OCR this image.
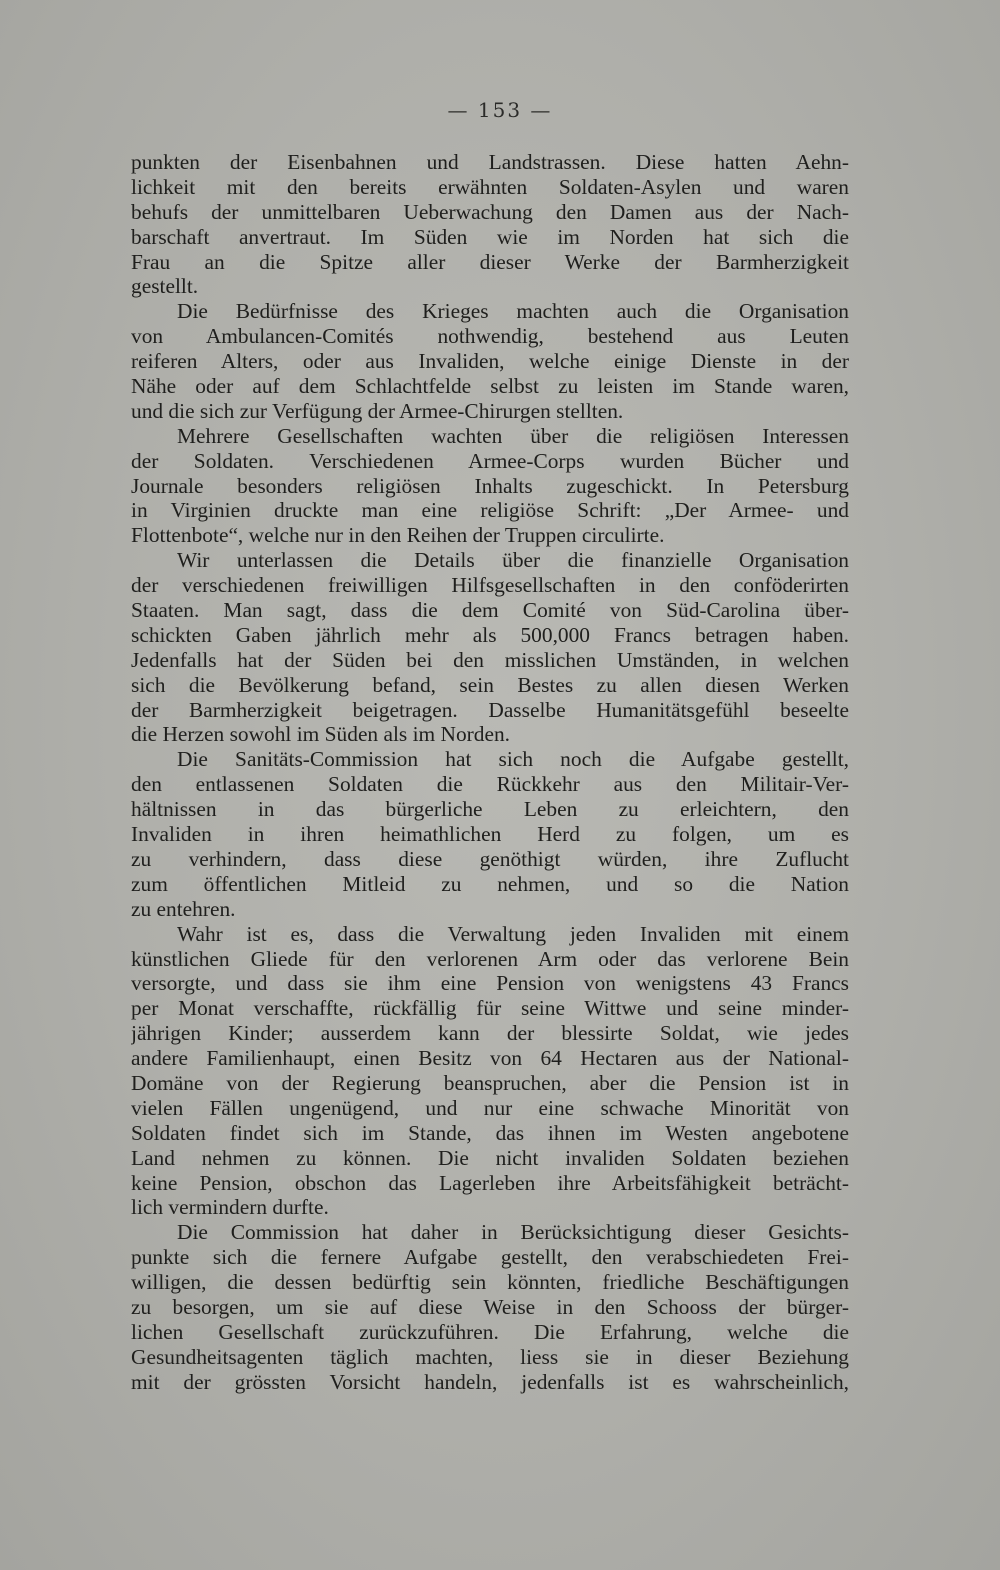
— 153 —
punkten der Eisenbahnen und Landstrassen. Diese hatten Aehn-
lichkeit mit den bereits erwähnten Soldaten-Asylen und waren
behufs der unmittelbaren Ueberwachung den Damen aus der Nach-
barschaft anvertraut. Im Süden wie im Norden hat sich die
Frau an die Spitze aller dieser Werke der Barmherzigkeit
gestellt.
Die Bedürfnisse des Krieges machten auch die Organisation
von Ambulancen-Comités nothwendig, bestehend aus Leuten
reiferen Alters, oder aus Invaliden, welche einige Dienste in der
Nähe oder auf dem Schlachtfelde selbst zu leisten im Stande waren,
und die sich zur Verfügung der Armee-Chirurgen stellten.
Mehrere Gesellschaften wachten über die religiösen Interessen
der Soldaten. Verschiedenen Armee-Corps wurden Bücher und
Journale besonders religiösen Inhalts zugeschickt. In Petersburg
in Virginien druckte man eine religiöse Schrift: „Der Armee- und
Flottenbote“, welche nur in den Reihen der Truppen circulirte.
Wir unterlassen die Details über die finanzielle Organisation
der verschiedenen freiwilligen Hilfsgesellschaften in den conföderirten
Staaten. Man sagt, dass die dem Comité von Süd-Carolina über-
schickten Gaben jährlich mehr als 500,000 Francs betragen haben.
Jedenfalls hat der Süden bei den misslichen Umständen, in welchen
sich die Bevölkerung befand, sein Bestes zu allen diesen Werken
der Barmherzigkeit beigetragen. Dasselbe Humanitätsgefühl beseelte
die Herzen sowohl im Süden als im Norden.
Die Sanitäts-Commission hat sich noch die Aufgabe gestellt,
den entlassenen Soldaten die Rückkehr aus den Militair-Ver-
hältnissen in das bürgerliche Leben zu erleichtern, den
Invaliden in ihren heimathlichen Herd zu folgen, um es
zu verhindern, dass diese genöthigt würden, ihre Zuflucht
zum öffentlichen Mitleid zu nehmen, und so die Nation
zu entehren.
Wahr ist es, dass die Verwaltung jeden Invaliden mit einem
künstlichen Gliede für den verlorenen Arm oder das verlorene Bein
versorgte, und dass sie ihm eine Pension von wenigstens 43 Francs
per Monat verschaffte, rückfällig für seine Wittwe und seine minder-
jährigen Kinder; ausserdem kann der blessirte Soldat, wie jedes
andere Familienhaupt, einen Besitz von 64 Hectaren aus der National-
Domäne von der Regierung beanspruchen, aber die Pension ist in
vielen Fällen ungenügend, und nur eine schwache Minorität von
Soldaten findet sich im Stande, das ihnen im Westen angebotene
Land nehmen zu können. Die nicht invaliden Soldaten beziehen
keine Pension, obschon das Lagerleben ihre Arbeitsfähigkeit beträcht-
lich vermindern durfte.
Die Commission hat daher in Berücksichtigung dieser Gesichts-
punkte sich die fernere Aufgabe gestellt, den verabschiedeten Frei-
willigen, die dessen bedürftig sein könnten, friedliche Beschäftigungen
zu besorgen, um sie auf diese Weise in den Schooss der bürger-
lichen Gesellschaft zurückzuführen. Die Erfahrung, welche die
Gesundheitsagenten täglich machten, liess sie in dieser Beziehung
mit der grössten Vorsicht handeln, jedenfalls ist es wahrscheinlich,
